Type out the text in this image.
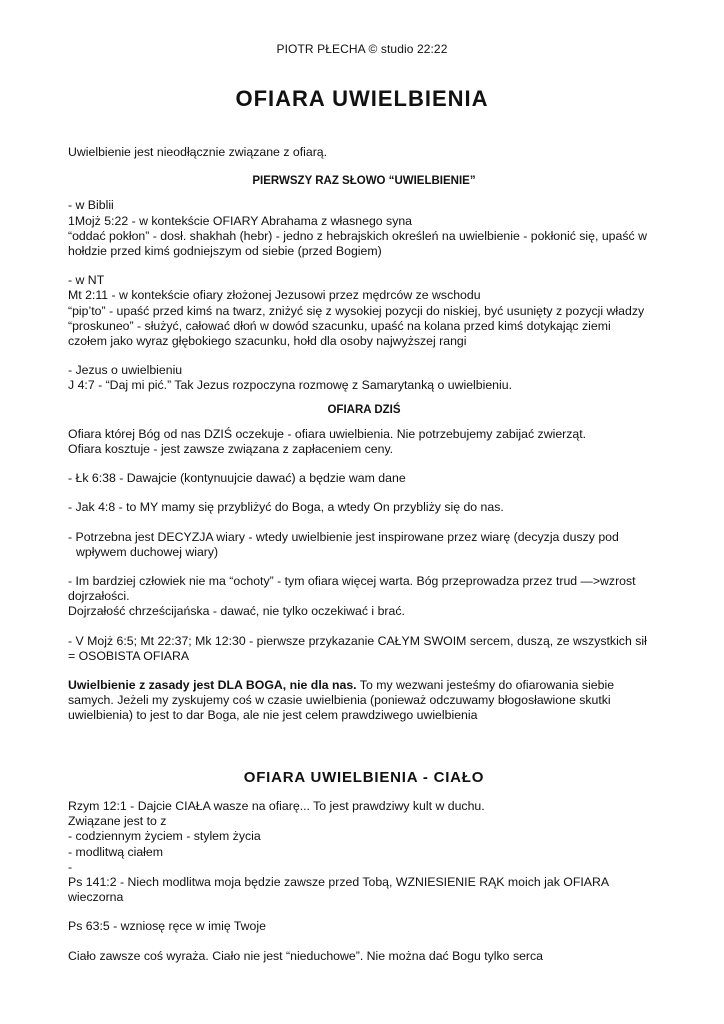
PIOTR PŁECHA © studio 22:22
OFIARA UWIELBIENIA

Uwielbienie jest nieodłącznie związane z ofiarą.

PIERWSZY RAZ SŁOWO “UWIELBIENIE”

- w Biblii

1Mojż 5:22 - w kontekście OFIARY Abrahama z własnego syna

“oddać pokłon” - dosł. shakhah (hebr) - jedno z hebrajskich określeń na uwielbienie - pokłonić się, upaść w

hołdzie przed kimś godniejszym od siebie (przed Bogiem)

- w NT

Mt 2:11 - w kontekście ofiary złożonej Jezusowi przez mędrców ze wschodu

“pip’to” - upaść przed kimś na twarz, zniżyć się z wysokiej pozycji do niskiej, być usunięty z pozycji władzy

“proskuneo” - służyć, całować dłoń w dowód szacunku, upaść na kolana przed kimś dotykając ziemi

czołem jako wyraz głębokiego szacunku, hołd dla osoby najwyższej rangi

- Jezus o uwielbieniu

J 4:7 - “Daj mi pić.” Tak Jezus rozpoczyna rozmowę z Samarytanką o uwielbieniu.

OFIARA DZIŚ

Ofiara której Bóg od nas DZIŚ oczekuje - ofiara uwielbienia. Nie potrzebujemy zabijać zwierząt.

Ofiara kosztuje - jest zawsze związana z zapłaceniem ceny.

- Łk 6:38 - Dawajcie (kontynuujcie dawać) a będzie wam dane

- Jak 4:8 - to MY mamy się przybliżyć do Boga, a wtedy On przybliży się do nas.

- Potrzebna jest DECYZJA wiary - wtedy uwielbienie jest inspirowane przez wiarę (decyzja duszy pod

wpływem duchowej wiary)

- Im bardziej człowiek nie ma “ochoty” - tym ofiara więcej warta. Bóg przeprowadza przez trud —>wzrost

dojrzałości.

Dojrzałość chrześcijańska - dawać, nie tylko oczekiwać i brać.

- V Mojż 6:5; Mt 22:37; Mk 12:30 - pierwsze przykazanie CAŁYM SWOIM sercem, duszą, ze wszystkich sił

= OSOBISTA OFIARA

Uwielbienie z zasady jest DLA BOGA, nie dla nas. To my wezwani jesteśmy do ofiarowania siebie

samych. Jeżeli my zyskujemy coś w czasie uwielbienia (ponieważ odczuwamy błogosławione skutki

uwielbienia) to jest to dar Boga, ale nie jest celem prawdziwego uwielbienia

OFIARA UWIELBIENIA - CIAŁO

Rzym 12:1 - Dajcie CIAŁA wasze na ofiarę... To jest prawdziwy kult w duchu.

Związane jest to z

- codziennym życiem - stylem życia

- modlitwą ciałem

-

Ps 141:2 - Niech modlitwa moja będzie zawsze przed Tobą, WZNIESIENIE RĄK moich jak OFIARA

wieczorna

Ps 63:5 - wzniosę ręce w imię Twoje

Ciało zawsze coś wyraża. Ciało nie jest “nieduchowe”. Nie można dać Bogu tylko serca
